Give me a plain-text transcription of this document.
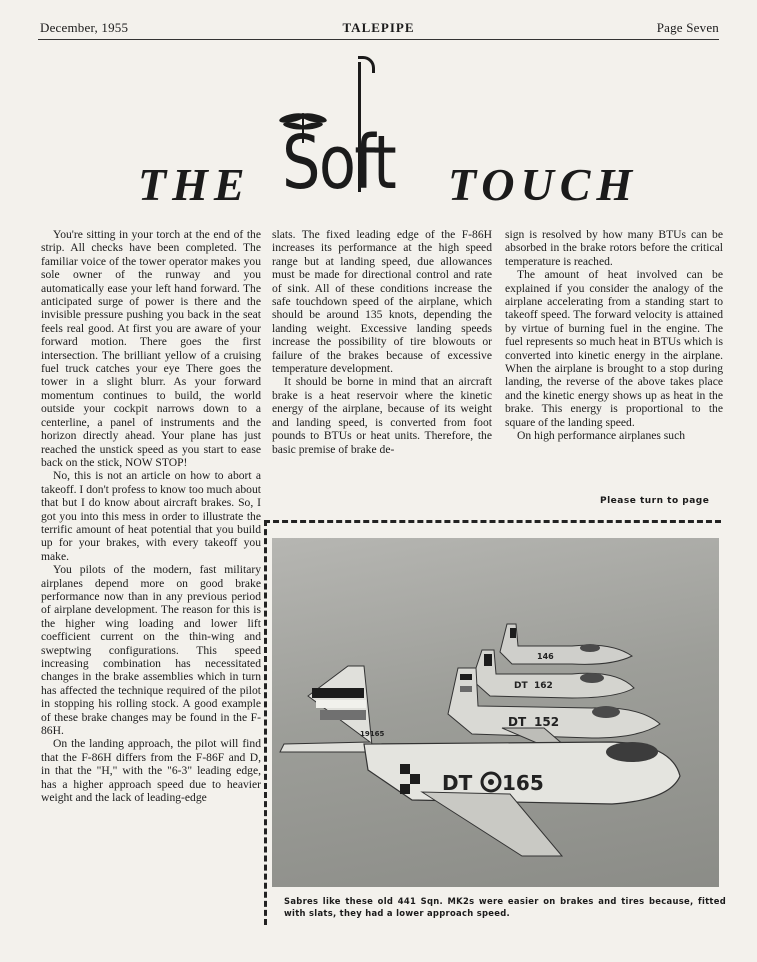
December, 1955	TALEPIPE	Page Seven
THE Soft TOUCH

You're sitting in your torch at the end of the strip. All checks have been completed. The familiar voice of the tower operator makes you sole owner of the runway and you automatically ease your left hand forward. The anticipated surge of power is there and the invisible pressure pushing you back in the seat feels real good. At first you are aware of your forward motion. There goes the first intersection. The brilliant yellow of a cruising fuel truck catches your eye There goes the tower in a slight blurr. As your forward momentum continues to build, the world outside your cockpit narrows down to a centerline, a panel of instruments and the horizon directly ahead. Your plane has just reached the unstick speed as you start to ease back on the stick, NOW STOP!

No, this is not an article on how to abort a takeoff. I don't profess to know too much about that but I do know about aircraft brakes. So, I got you into this mess in order to illustrate the terrific amount of heat potential that you build up for your brakes, with every takeoff you make.

You pilots of the modern, fast military airplanes depend more on good brake performance now than in any previous period of airplane development. The reason for this is the higher wing loading and lower lift coefficient current on the thin-wing and sweptwing configurations. This speed increasing combination has necessitated changes in the brake assemblies which in turn has affected the technique required of the pilot in stopping his rolling stock. A good example of these brake changes may be found in the F-86H.

On the landing approach, the pilot will find that the F-86H differs from the F-86F and D, in that the "H," with the "6-3" leading edge, has a higher approach speed due to heavier weight and the lack of leading-edge

slats. The fixed leading edge of the F-86H increases its performance at the high speed range but at landing speed, due allowances must be made for directional control and rate of sink. All of these conditions increase the safe touchdown speed of the airplane, which should be around 135 knots, depending the landing weight. Excessive landing speeds increase the possibility of tire blowouts or failure of the brakes because of excessive temperature development.

It should be borne in mind that an aircraft brake is a heat reservoir where the kinetic energy of the airplane, because of its weight and landing speed, is converted from foot pounds to BTUs or heat units. Therefore, the basic premise of brake de-

sign is resolved by how many BTUs can be absorbed in the brake rotors before the critical temperature is reached.

The amount of heat involved can be explained if you consider the analogy of the airplane accelerating from a standing start to takeoff speed. The forward velocity is attained by virtue of burning fuel in the engine. The fuel represents so much heat in BTUs which is converted into kinetic energy in the airplane. When the airplane is brought to a stop during landing, the reverse of the above takes place and the kinetic energy shows up as heat in the brake. This energy is proportional to the square of the landing speed.

On high performance airplanes such

Please turn to page
146
DT 162
DT 152
19165
DT 165
Sabres like these old 441 Sqn. MK2s were easier on brakes and tires because, fitted with slats, they had a lower approach speed.
